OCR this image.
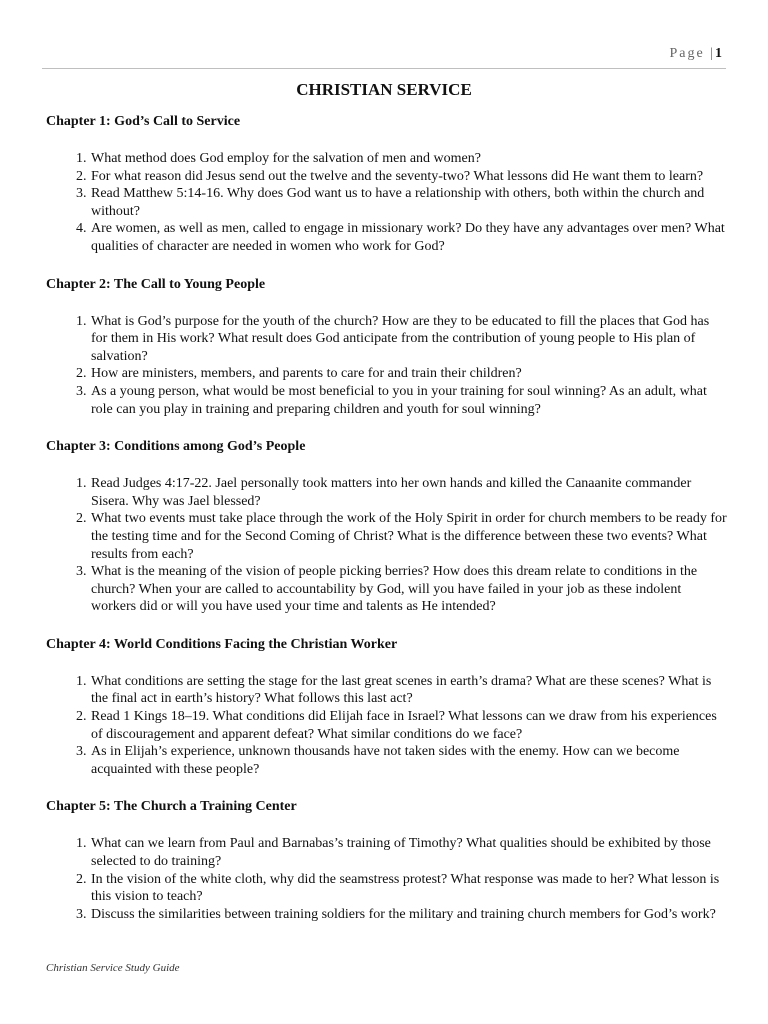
Page |1
CHRISTIAN SERVICE
Chapter 1: God’s Call to Service
1. What method does God employ for the salvation of men and women?
2. For what reason did Jesus send out the twelve and the seventy-two? What lessons did He want them to learn?
3. Read Matthew 5:14-16. Why does God want us to have a relationship with others, both within the church and without?
4. Are women, as well as men, called to engage in missionary work? Do they have any advantages over men? What qualities of character are needed in women who work for God?
Chapter 2: The Call to Young People
1. What is God’s purpose for the youth of the church? How are they to be educated to fill the places that God has for them in His work? What result does God anticipate from the contribution of young people to His plan of salvation?
2. How are ministers, members, and parents to care for and train their children?
3. As a young person, what would be most beneficial to you in your training for soul winning? As an adult, what role can you play in training and preparing children and youth for soul winning?
Chapter 3: Conditions among God’s People
1. Read Judges 4:17-22. Jael personally took matters into her own hands and killed the Canaanite commander Sisera. Why was Jael blessed?
2. What two events must take place through the work of the Holy Spirit in order for church members to be ready for the testing time and for the Second Coming of Christ? What is the difference between these two events? What results from each?
3. What is the meaning of the vision of people picking berries? How does this dream relate to conditions in the church? When your are called to accountability by God, will you have failed in your job as these indolent workers did or will you have used your time and talents as He intended?
Chapter 4: World Conditions Facing the Christian Worker
1. What conditions are setting the stage for the last great scenes in earth’s drama? What are these scenes? What is the final act in earth’s history? What follows this last act?
2. Read 1 Kings 18–19. What conditions did Elijah face in Israel? What lessons can we draw from his experiences of discouragement and apparent defeat? What similar conditions do we face?
3. As in Elijah’s experience, unknown thousands have not taken sides with the enemy. How can we become acquainted with these people?
Chapter 5: The Church a Training Center
1. What can we learn from Paul and Barnabas’s training of Timothy? What qualities should be exhibited by those selected to do training?
2. In the vision of the white cloth, why did the seamstress protest? What response was made to her? What lesson is this vision to teach?
3. Discuss the similarities between training soldiers for the military and training church members for God’s work?
Christian Service Study Guide
